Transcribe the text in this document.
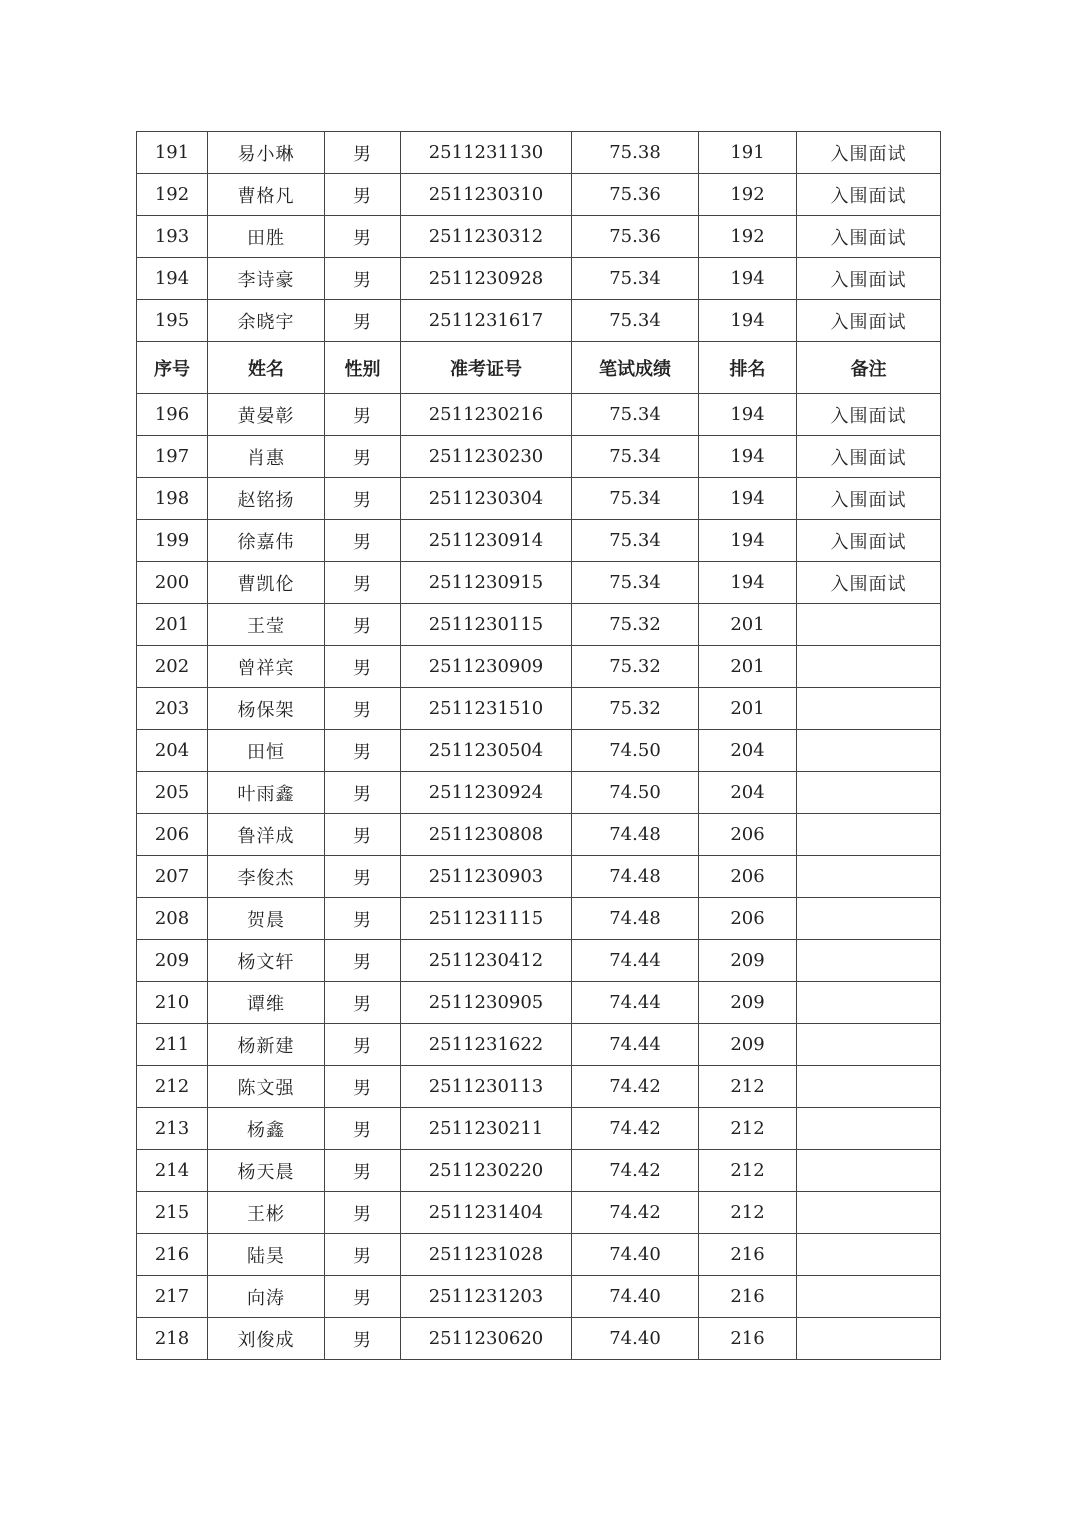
191	易小琳	男	2511231130	75.38	191	入围面试
192	曹格凡	男	2511230310	75.36	192	入围面试
193	田胜	男	2511230312	75.36	192	入围面试
194	李诗豪	男	2511230928	75.34	194	入围面试
195	余晓宇	男	2511231617	75.34	194	入围面试
序号	姓名	性别	准考证号	笔试成绩	排名	备注
196	黄晏彰	男	2511230216	75.34	194	入围面试
197	肖惠	男	2511230230	75.34	194	入围面试
198	赵铭扬	男	2511230304	75.34	194	入围面试
199	徐嘉伟	男	2511230914	75.34	194	入围面试
200	曹凯伦	男	2511230915	75.34	194	入围面试
201	王莹	男	2511230115	75.32	201	
202	曾祥宾	男	2511230909	75.32	201	
203	杨保架	男	2511231510	75.32	201	
204	田恒	男	2511230504	74.50	204	
205	叶雨鑫	男	2511230924	74.50	204	
206	鲁洋成	男	2511230808	74.48	206	
207	李俊杰	男	2511230903	74.48	206	
208	贺晨	男	2511231115	74.48	206	
209	杨文轩	男	2511230412	74.44	209	
210	谭维	男	2511230905	74.44	209	
211	杨新建	男	2511231622	74.44	209	
212	陈文强	男	2511230113	74.42	212	
213	杨鑫	男	2511230211	74.42	212	
214	杨天晨	男	2511230220	74.42	212	
215	王彬	男	2511231404	74.42	212	
216	陆昊	男	2511231028	74.40	216	
217	向涛	男	2511231203	74.40	216	
218	刘俊成	男	2511230620	74.40	216	
